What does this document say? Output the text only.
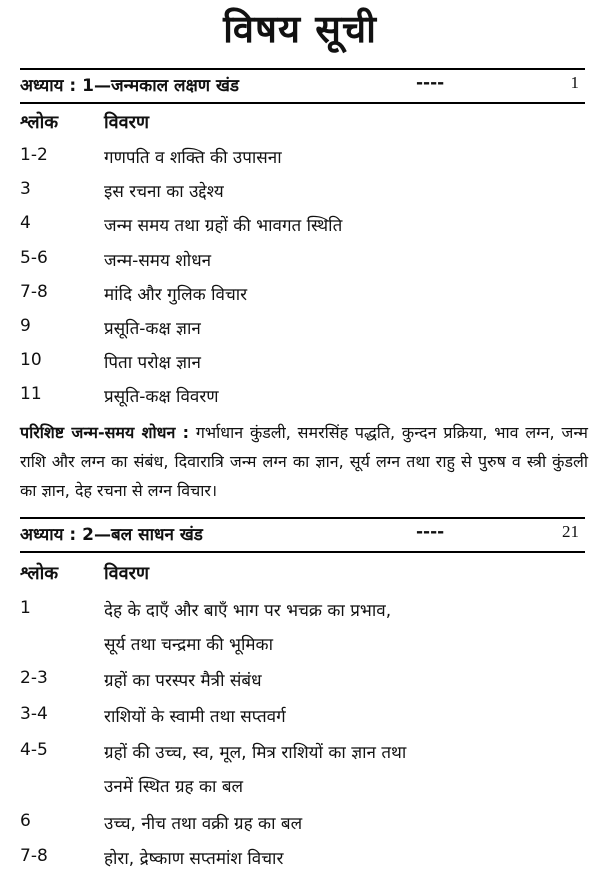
विषय सूची
अध्याय : 1—जन्मकाल लक्षण खंड	----	1
श्लोक	विवरण
1-2	गणपति व शक्ति की उपासना
3	इस रचना का उद्देश्य
4	जन्म समय तथा ग्रहों की भावगत स्थिति
5-6	जन्म-समय शोधन
7-8	मांदि और गुलिक विचार
9	प्रसूति-कक्ष ज्ञान
10	पिता परोक्ष ज्ञान
11	प्रसूति-कक्ष विवरण
परिशिष्ट जन्म-समय शोधन : गर्भाधान कुंडली, समरसिंह पद्धति, कुन्दन प्रक्रिया, भाव लग्न, जन्म राशि और लग्न का संबंध, दिवारात्रि जन्म लग्न का ज्ञान, सूर्य लग्न तथा राहु से पुरुष व स्त्री कुंडली का ज्ञान, देह रचना से लग्न विचार।
अध्याय : 2—बल साधन खंड	----	21
श्लोक	विवरण
1	देह के दाएँ और बाएँ भाग पर भचक्र का प्रभाव,
सूर्य तथा चन्द्रमा की भूमिका
2-3	ग्रहों का परस्पर मैत्री संबंध
3-4	राशियों के स्वामी तथा सप्तवर्ग
4-5	ग्रहों की उच्च, स्व, मूल, मित्र राशियों का ज्ञान तथा
उनमें स्थित ग्रह का बल
6	उच्च, नीच तथा वक्री ग्रह का बल
7-8	होरा, द्रेष्काण सप्तमांश विचार
